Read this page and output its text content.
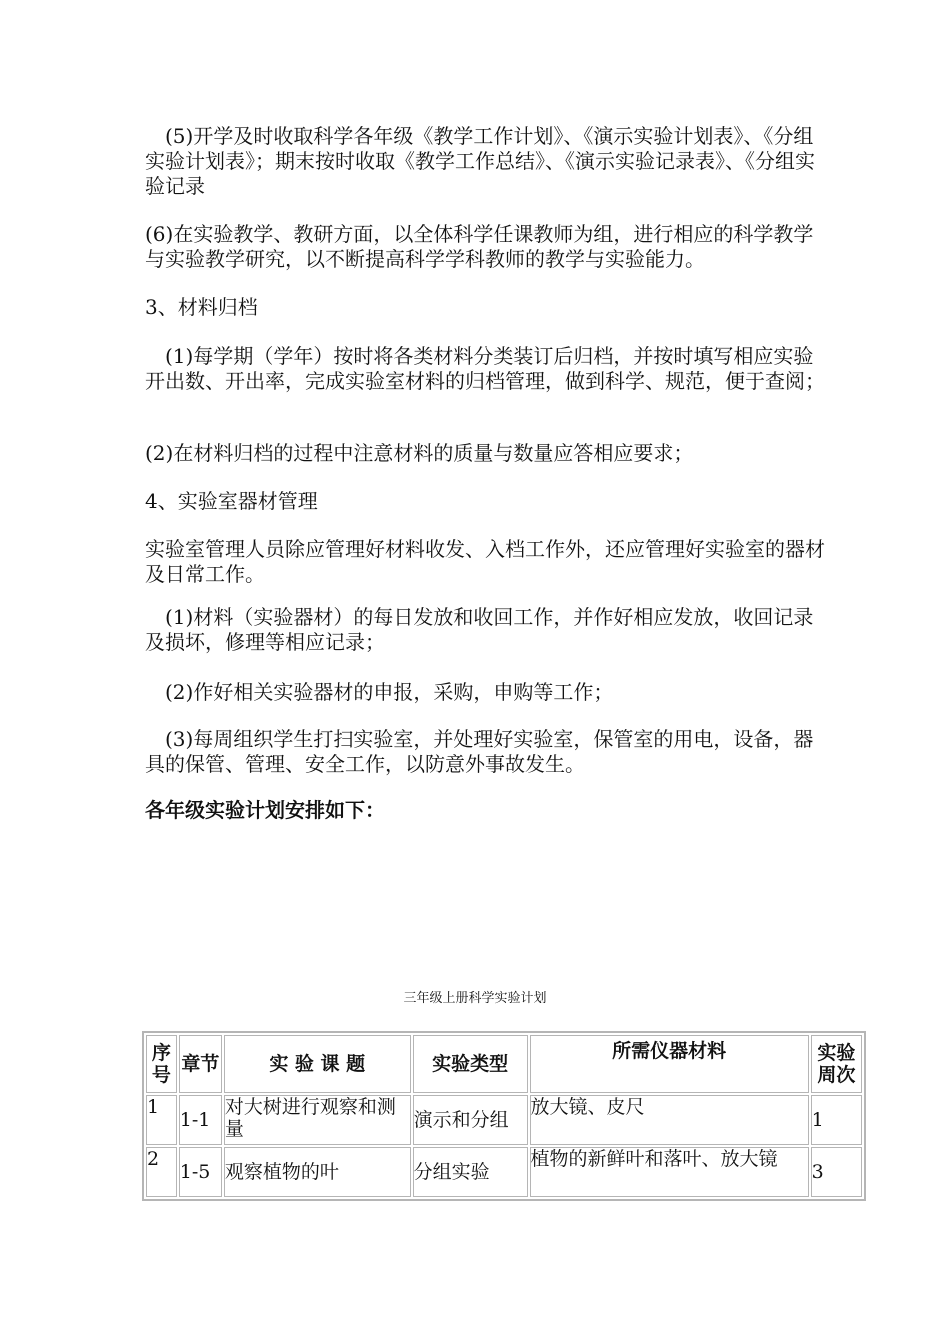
　(5)开学及时收取科学各年级《教学工作计划》、《演示实验计划表》、《分组实验计划表》；期末按时收取《教学工作总结》、《演示实验记录表》、《分组实验记录

(6)在实验教学、教研方面，以全体科学任课教师为组，进行相应的科学教学与实验教学研究，以不断提高科学学科教师的教学与实验能力。

3、材料归档

　(1)每学期（学年）按时将各类材料分类装订后归档，并按时填写相应实验开出数、开出率，完成实验室材料的归档管理，做到科学、规范，便于查阅；

(2)在材料归档的过程中注意材料的质量与数量应答相应要求；

4、实验室器材管理

实验室管理人员除应管理好材料收发、入档工作外，还应管理好实验室的器材及日常工作。

　(1)材料（实验器材）的每日发放和收回工作，并作好相应发放，收回记录及损坏，修理等相应记录；

　(2)作好相关实验器材的申报，采购，申购等工作；

　(3)每周组织学生打扫实验室，并处理好实验室，保管室的用电，设备，器具的保管、管理、安全工作，以防意外事故发生。

各年级实验计划安排如下：

三年级上册科学实验计划
序号	章节	实 验 课 题	实验类型	所需仪器材料	实验周次
1	1-1	对大树进行观察和测量	演示和分组	放大镜、皮尺	1
2	1-5	观察植物的叶	分组实验	植物的新鲜叶和落叶、放大镜	3
